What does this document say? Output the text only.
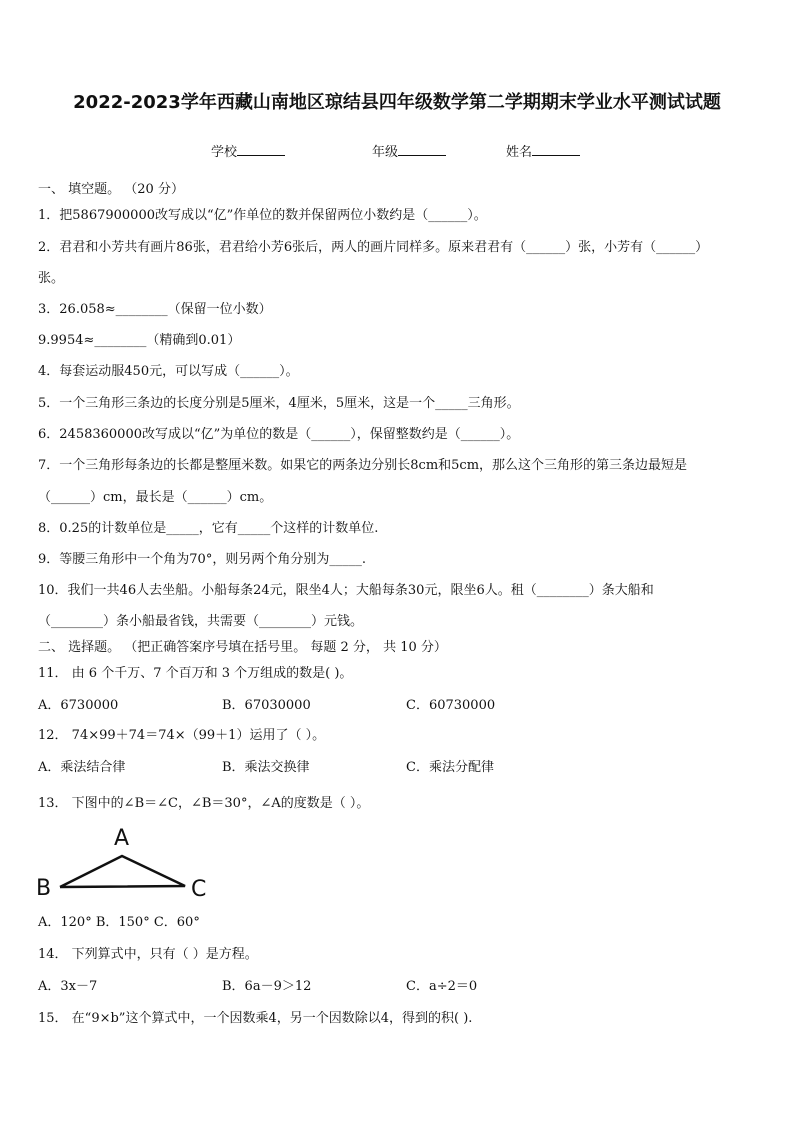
2022-2023学年西藏山南地区琼结县四年级数学第二学期期末学业水平测试试题
学校	年级	姓名
一、 填空题。 （20 分）
1．把5867900000改写成以“亿”作单位的数并保留两位小数约是（______）。
2．君君和小芳共有画片86张，君君给小芳6张后，两人的画片同样多。原来君君有（______）张，小芳有（______）
张。
3．26.058≈________（保留一位小数）
9.9954≈________（精确到0.01）
4．每套运动服450元，可以写成（______）。
5．一个三角形三条边的长度分别是5厘米，4厘米，5厘米，这是一个_____三角形。
6．2458360000改写成以“亿”为单位的数是（______），保留整数约是（______）。
7．一个三角形每条边的长都是整厘米数。如果它的两条边分别长8cm和5cm，那么这个三角形的第三条边最短是
（______）cm，最长是（______）cm。
8．0.25的计数单位是_____，它有_____个这样的计数单位.
9．等腰三角形中一个角为70°，则另两个角分别为_____.
10．我们一共46人去坐船。小船每条24元，限坐4人；大船每条30元，限坐6人。租（________）条大船和
（________）条小船最省钱，共需要（________）元钱。
二、 选择题。 （把正确答案序号填在括号里。 每题 2 分， 共 10 分）
11． 由 6 个千万、7 个百万和 3 个万组成的数是( )。
A．6730000	B．67030000	C．60730000
12． 74×99＋74＝74×（99＋1）运用了（ ）。
A．乘法结合律	B．乘法交换律	C．乘法分配律
13． 下图中的∠B＝∠C，∠B＝30°，∠A的度数是（ ）。
A
B	C
A．120° B．150° C．60°
14． 下列算式中，只有（ ）是方程。
A．3x－7	B．6a－9＞12	C．a÷2＝0
15． 在“9×b”这个算式中，一个因数乘4，另一个因数除以4，得到的积( ).
